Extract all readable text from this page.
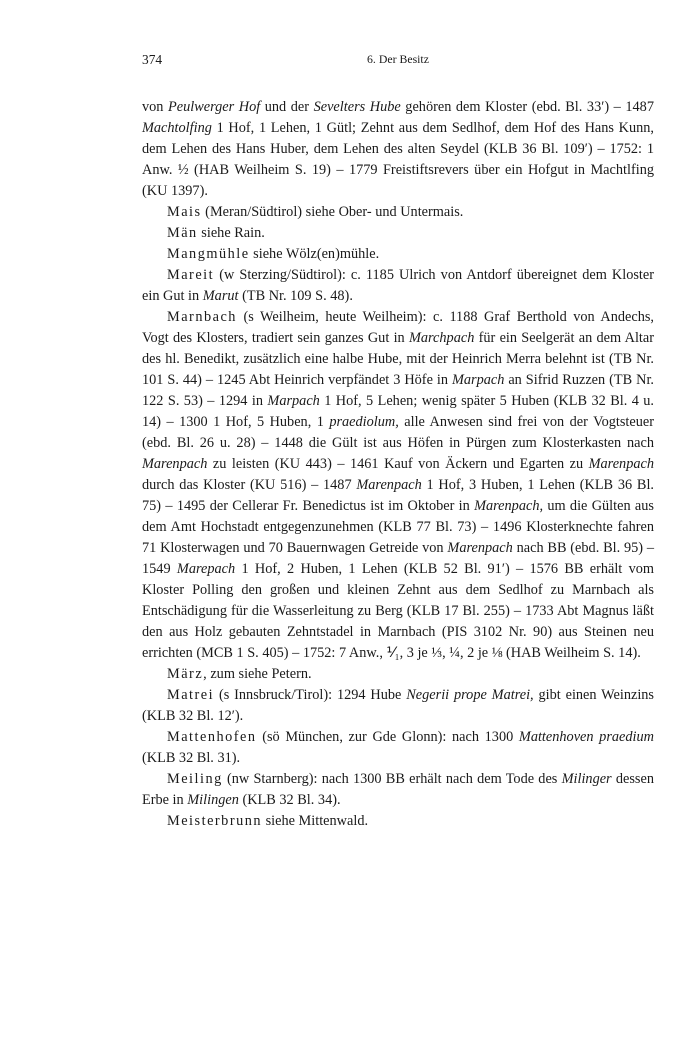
374	6. Der Besitz

von Peulwerger Hof und der Sevelters Hube gehören dem Kloster (ebd. Bl. 33′) – 1487 Machtolfing 1 Hof, 1 Lehen, 1 Gütl; Zehnt aus dem Sedlhof, dem Hof des Hans Kunn, dem Lehen des Hans Huber, dem Lehen des alten Seydel (KLB 36 Bl. 109′) – 1752: 1 Anw. ½ (HAB Weilheim S. 19) – 1779 Freistiftsrevers über ein Hofgut in Machtlfing (KU 1397).

Mais (Meran/Südtirol) siehe Ober- und Untermais.

Män siehe Rain.

Mangmühle siehe Wölz(en)mühle.

Mareit (w Sterzing/Südtirol): c. 1185 Ulrich von Antdorf übereignet dem Kloster ein Gut in Marut (TB Nr. 109 S. 48).

Marnbach (s Weilheim, heute Weilheim): c. 1188 Graf Berthold von Andechs, Vogt des Klosters, tradiert sein ganzes Gut in Marchpach für ein Seelgerät an dem Altar des hl. Benedikt, zusätzlich eine halbe Hube, mit der Heinrich Merra belehnt ist (TB Nr. 101 S. 44) – 1245 Abt Heinrich verpfändet 3 Höfe in Marpach an Sifrid Ruzzen (TB Nr. 122 S. 53) – 1294 in Marpach 1 Hof, 5 Lehen; wenig später 5 Huben (KLB 32 Bl. 4 u. 14) – 1300 1 Hof, 5 Huben, 1 praediolum, alle Anwesen sind frei von der Vogtsteuer (ebd. Bl. 26 u. 28) – 1448 die Gült ist aus Höfen in Pürgen zum Klosterkasten nach Marenpach zu leisten (KU 443) – 1461 Kauf von Äckern und Egarten zu Marenpach durch das Kloster (KU 516) – 1487 Marenpach 1 Hof, 3 Huben, 1 Lehen (KLB 36 Bl. 75) – 1495 der Cellerar Fr. Benedictus ist im Oktober in Marenpach, um die Gülten aus dem Amt Hochstadt entgegenzunehmen (KLB 77 Bl. 73) – 1496 Klosterknechte fahren 71 Klosterwagen und 70 Bauernwagen Getreide von Marenpach nach BB (ebd. Bl. 95) – 1549 Marepach 1 Hof, 2 Huben, 1 Lehen (KLB 52 Bl. 91′) – 1576 BB erhält vom Kloster Polling den großen und kleinen Zehnt aus dem Sedlhof zu Marnbach als Entschädigung für die Wasserleitung zu Berg (KLB 17 Bl. 255) – 1733 Abt Magnus läßt den aus Holz gebauten Zehntstadel in Marnbach (PIS 3102 Nr. 90) aus Steinen neu errichten (MCB 1 S. 405) – 1752: 7 Anw., ⅟₁, 3 je ⅓, ¼, 2 je ⅛ (HAB Weilheim S. 14).

März, zum siehe Petern.

Matrei (s Innsbruck/Tirol): 1294 Hube Negerii prope Matrei, gibt einen Weinzins (KLB 32 Bl. 12′).

Mattenhofen (sö München, zur Gde Glonn): nach 1300 Mattenhoven praedium (KLB 32 Bl. 31).

Meiling (nw Starnberg): nach 1300 BB erhält nach dem Tode des Milinger dessen Erbe in Milingen (KLB 32 Bl. 34).

Meisterbrunn siehe Mittenwald.
